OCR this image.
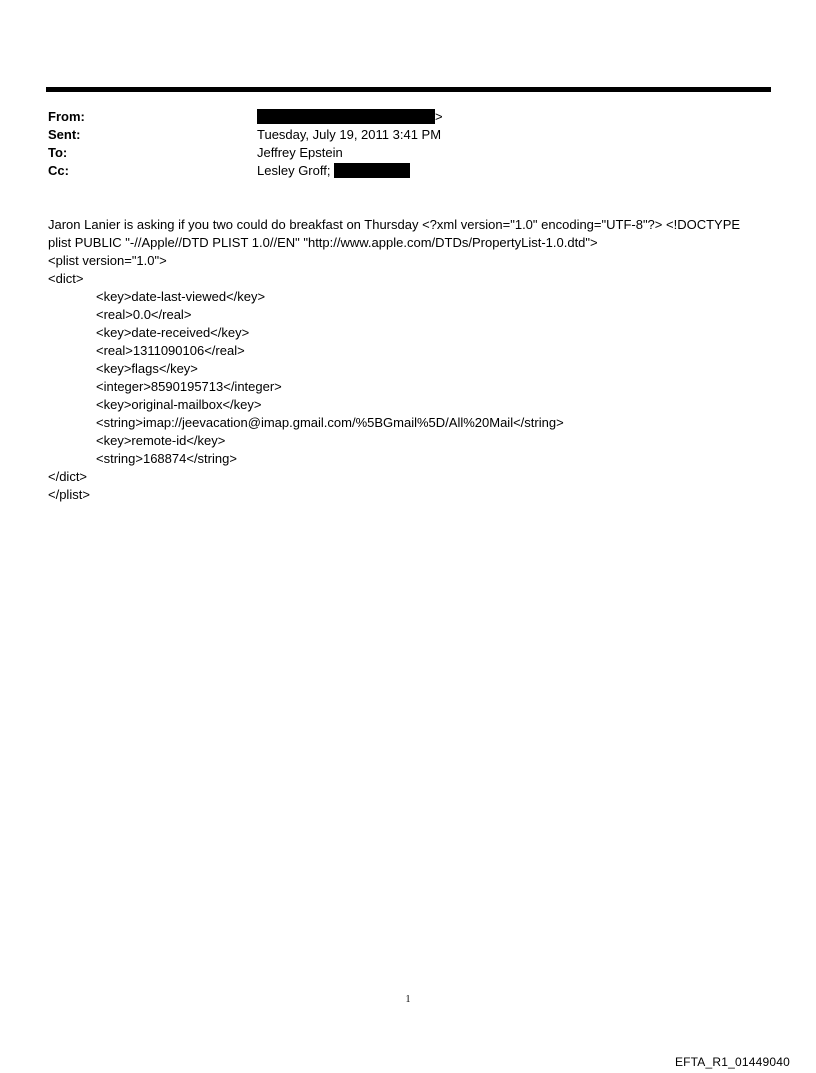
From:	>
Sent:	Tuesday, July 19, 2011 3:41 PM
To:	Jeffrey Epstein
Cc:	Lesley Groff;
Jaron Lanier is asking if you two could do breakfast on Thursday <?xml version="1.0" encoding="UTF-8"?> <!DOCTYPE
plist PUBLIC "-//Apple//DTD PLIST 1.0//EN" "http://www.apple.com/DTDs/PropertyList-1.0.dtd">
<plist version="1.0">
<dict>
<key>date-last-viewed</key>
<real>0.0</real>
<key>date-received</key>
<real>1311090106</real>
<key>flags</key>
<integer>8590195713</integer>
<key>original-mailbox</key>
<string>imap://jeevacation@imap.gmail.com/%5BGmail%5D/All%20Mail</string>
<key>remote-id</key>
<string>168874</string>
</dict>
</plist>
1
EFTA_R1_01449040
